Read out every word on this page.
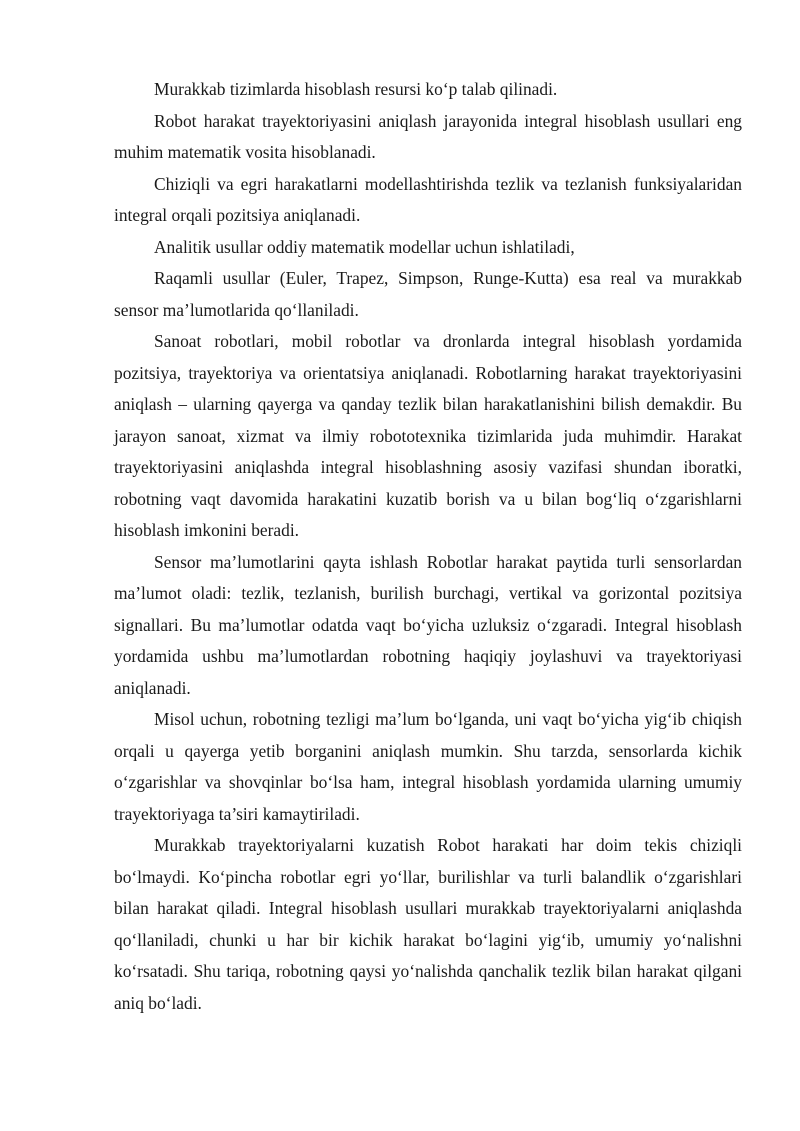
Murakkab tizimlarda hisoblash resursi ko‘p talab qilinadi.

Robot harakat trayektoriyasini aniqlash jarayonida integral hisoblash usullari eng muhim matematik vosita hisoblanadi.

Chiziqli va egri harakatlarni modellashtirishda tezlik va tezlanish funksiyalaridan integral orqali pozitsiya aniqlanadi.

Analitik usullar oddiy matematik modellar uchun ishlatiladi,

Raqamli usullar (Euler, Trapez, Simpson, Runge-Kutta) esa real va murakkab sensor ma’lumotlarida qo‘llaniladi.

Sanoat robotlari, mobil robotlar va dronlarda integral hisoblash yordamida pozitsiya, trayektoriya va orientatsiya aniqlanadi. Robotlarning harakat trayektoriyasini aniqlash – ularning qayerga va qanday tezlik bilan harakatlanishini bilish demakdir. Bu jarayon sanoat, xizmat va ilmiy robototexnika tizimlarida juda muhimdir. Harakat trayektoriyasini aniqlashda integral hisoblashning asosiy vazifasi shundan iboratki, robotning vaqt davomida harakatini kuzatib borish va u bilan bog‘liq o‘zgarishlarni hisoblash imkonini beradi.

Sensor ma’lumotlarini qayta ishlash Robotlar harakat paytida turli sensorlardan ma’lumot oladi: tezlik, tezlanish, burilish burchagi, vertikal va gorizontal pozitsiya signallari. Bu ma’lumotlar odatda vaqt bo‘yicha uzluksiz o‘zgaradi. Integral hisoblash yordamida ushbu ma’lumotlardan robotning haqiqiy joylashuvi va trayektoriyasi aniqlanadi.

Misol uchun, robotning tezligi ma’lum bo‘lganda, uni vaqt bo‘yicha yig‘ib chiqish orqali u qayerga yetib borganini aniqlash mumkin. Shu tarzda, sensorlarda kichik o‘zgarishlar va shovqinlar bo‘lsa ham, integral hisoblash yordamida ularning umumiy trayektoriyaga ta’siri kamaytiriladi.

Murakkab trayektoriyalarni kuzatish Robot harakati har doim tekis chiziqli bo‘lmaydi. Ko‘pincha robotlar egri yo‘llar, burilishlar va turli balandlik o‘zgarishlari bilan harakat qiladi. Integral hisoblash usullari murakkab trayektoriyalarni aniqlashda qo‘llaniladi, chunki u har bir kichik harakat bo‘lagini yig‘ib, umumiy yo‘nalishni ko‘rsatadi. Shu tariqa, robotning qaysi yo‘nalishda qanchalik tezlik bilan harakat qilgani aniq bo‘ladi.
